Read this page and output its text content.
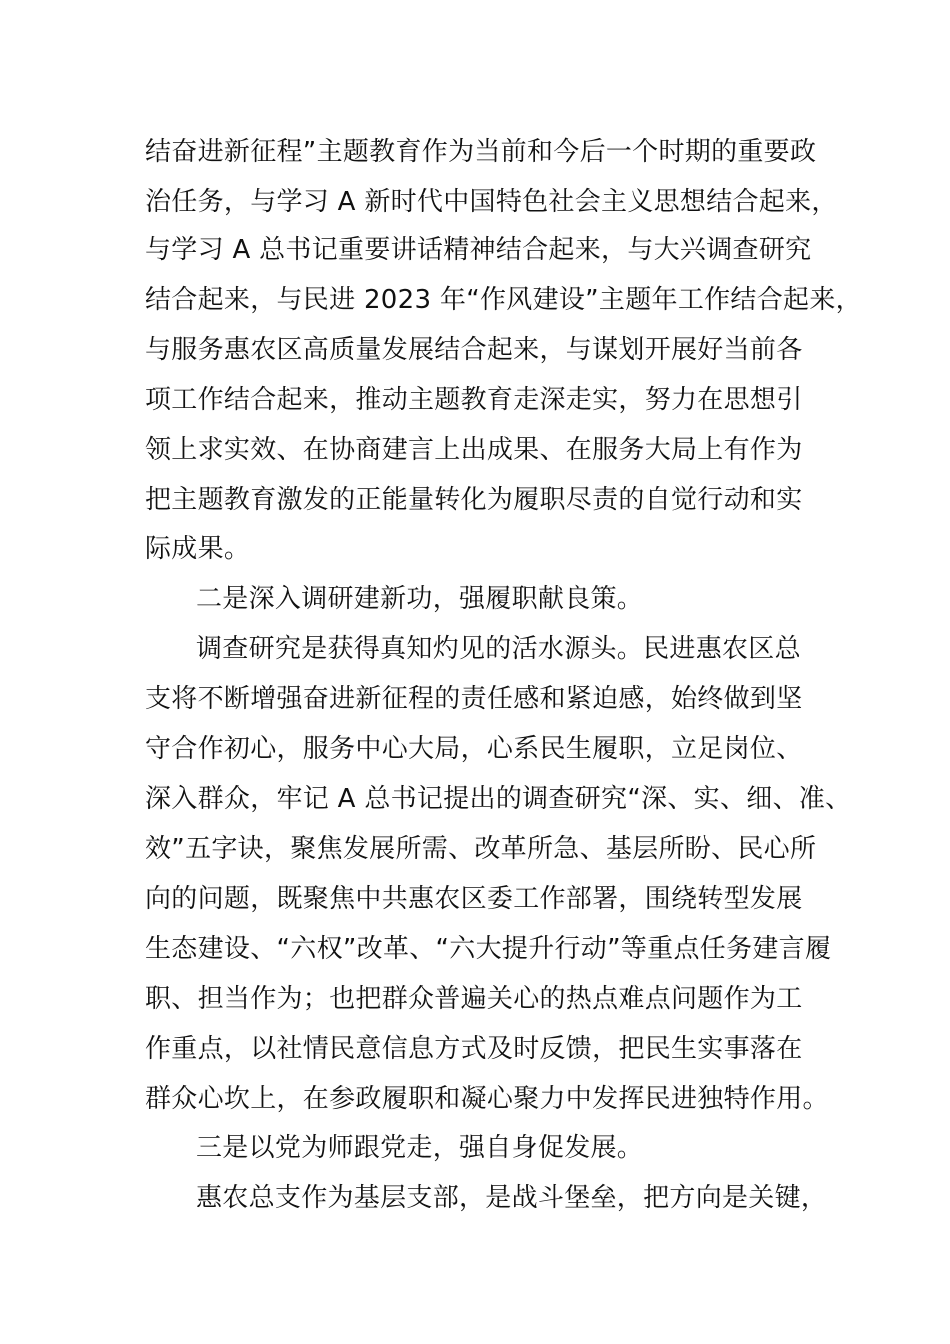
结奋进新征程”主题教育作为当前和今后一个时期的重要政
治任务，与学习 A 新时代中国特色社会主义思想结合起来，
与学习 A 总书记重要讲话精神结合起来，与大兴调查研究
结合起来，与民进 2023 年“作风建设”主题年工作结合起来，
与服务惠农区高质量发展结合起来，与谋划开展好当前各
项工作结合起来，推动主题教育走深走实，努力在思想引
领上求实效、在协商建言上出成果、在服务大局上有作为
把主题教育激发的正能量转化为履职尽责的自觉行动和实
际成果。
二是深入调研建新功，强履职献良策。
调查研究是获得真知灼见的活水源头。民进惠农区总
支将不断增强奋进新征程的责任感和紧迫感，始终做到坚
守合作初心，服务中心大局，心系民生履职，立足岗位、
深入群众，牢记 A 总书记提出的调查研究“深、实、细、准、
效”五字诀，聚焦发展所需、改革所急、基层所盼、民心所
向的问题，既聚焦中共惠农区委工作部署，围绕转型发展
生态建设、“六权”改革、“六大提升行动”等重点任务建言履
职、担当作为；也把群众普遍关心的热点难点问题作为工
作重点，以社情民意信息方式及时反馈，把民生实事落在
群众心坎上，在参政履职和凝心聚力中发挥民进独特作用。
三是以党为师跟党走，强自身促发展。
惠农总支作为基层支部，是战斗堡垒，把方向是关键，
